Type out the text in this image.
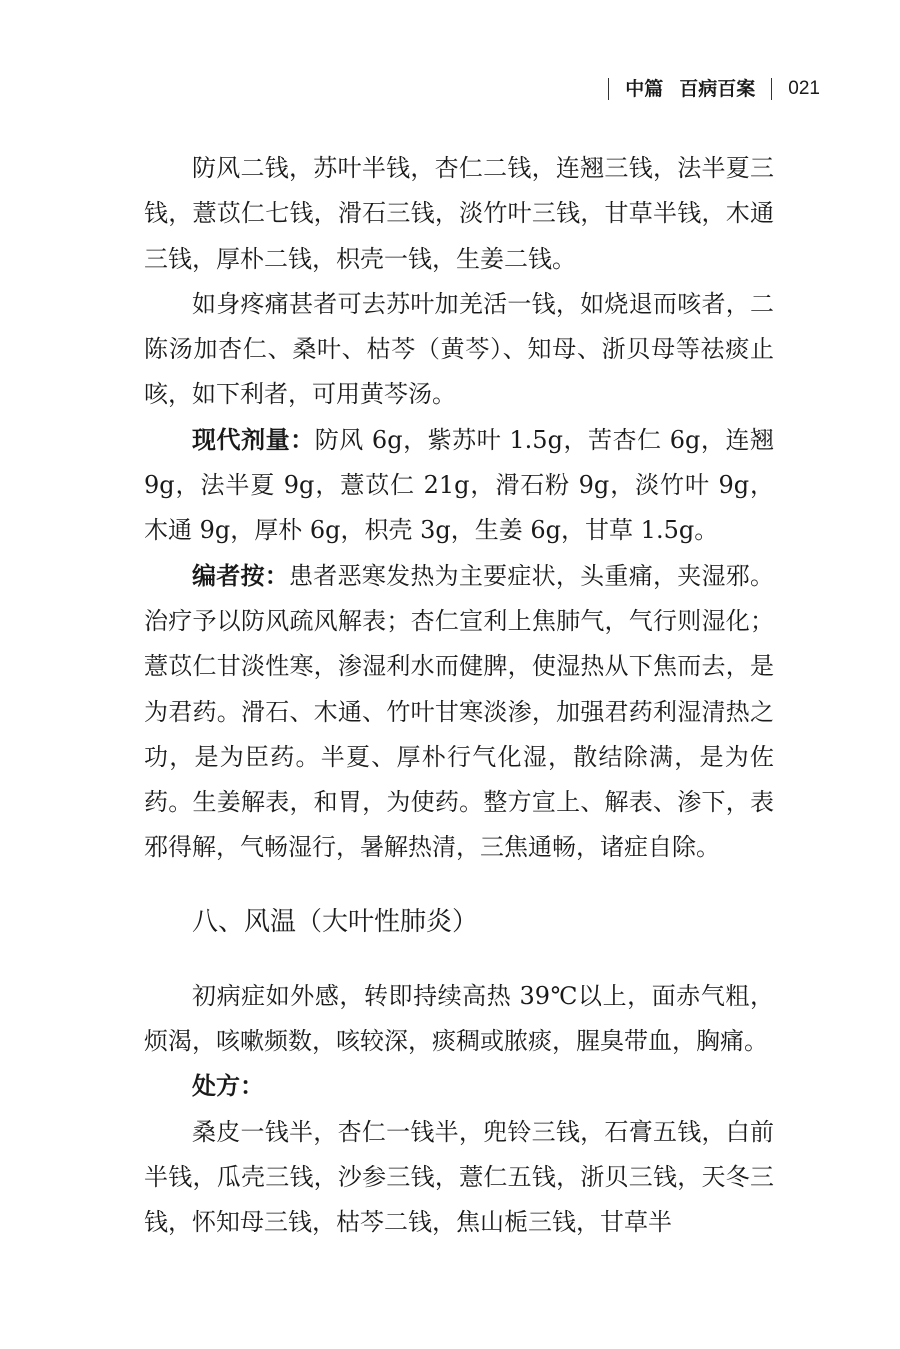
中篇 百病百案 021

防风二钱，苏叶半钱，杏仁二钱，连翘三钱，法半夏三钱，薏苡仁七钱，滑石三钱，淡竹叶三钱，甘草半钱，木通三钱，厚朴二钱，枳壳一钱，生姜二钱。

如身疼痛甚者可去苏叶加羌活一钱，如烧退而咳者，二陈汤加杏仁、桑叶、枯芩（黄芩）、知母、浙贝母等祛痰止咳，如下利者，可用黄芩汤。

现代剂量：防风 6g，紫苏叶 1.5g，苦杏仁 6g，连翘 9g，法半夏 9g，薏苡仁 21g，滑石粉 9g，淡竹叶 9g，木通 9g，厚朴 6g，枳壳 3g，生姜 6g，甘草 1.5g。

编者按：患者恶寒发热为主要症状，头重痛，夹湿邪。治疗予以防风疏风解表；杏仁宣利上焦肺气，气行则湿化；薏苡仁甘淡性寒，渗湿利水而健脾，使湿热从下焦而去，是为君药。滑石、木通、竹叶甘寒淡渗，加强君药利湿清热之功，是为臣药。半夏、厚朴行气化湿，散结除满，是为佐药。生姜解表，和胃，为使药。整方宣上、解表、渗下，表邪得解，气畅湿行，暑解热清，三焦通畅，诸症自除。

八、风温（大叶性肺炎）

初病症如外感，转即持续高热 39℃以上，面赤气粗，烦渴，咳嗽频数，咳较深，痰稠或脓痰，腥臭带血，胸痛。

处方：

桑皮一钱半，杏仁一钱半，兜铃三钱，石膏五钱，白前半钱，瓜壳三钱，沙参三钱，薏仁五钱，浙贝三钱，天冬三钱，怀知母三钱，枯芩二钱，焦山栀三钱，甘草半
